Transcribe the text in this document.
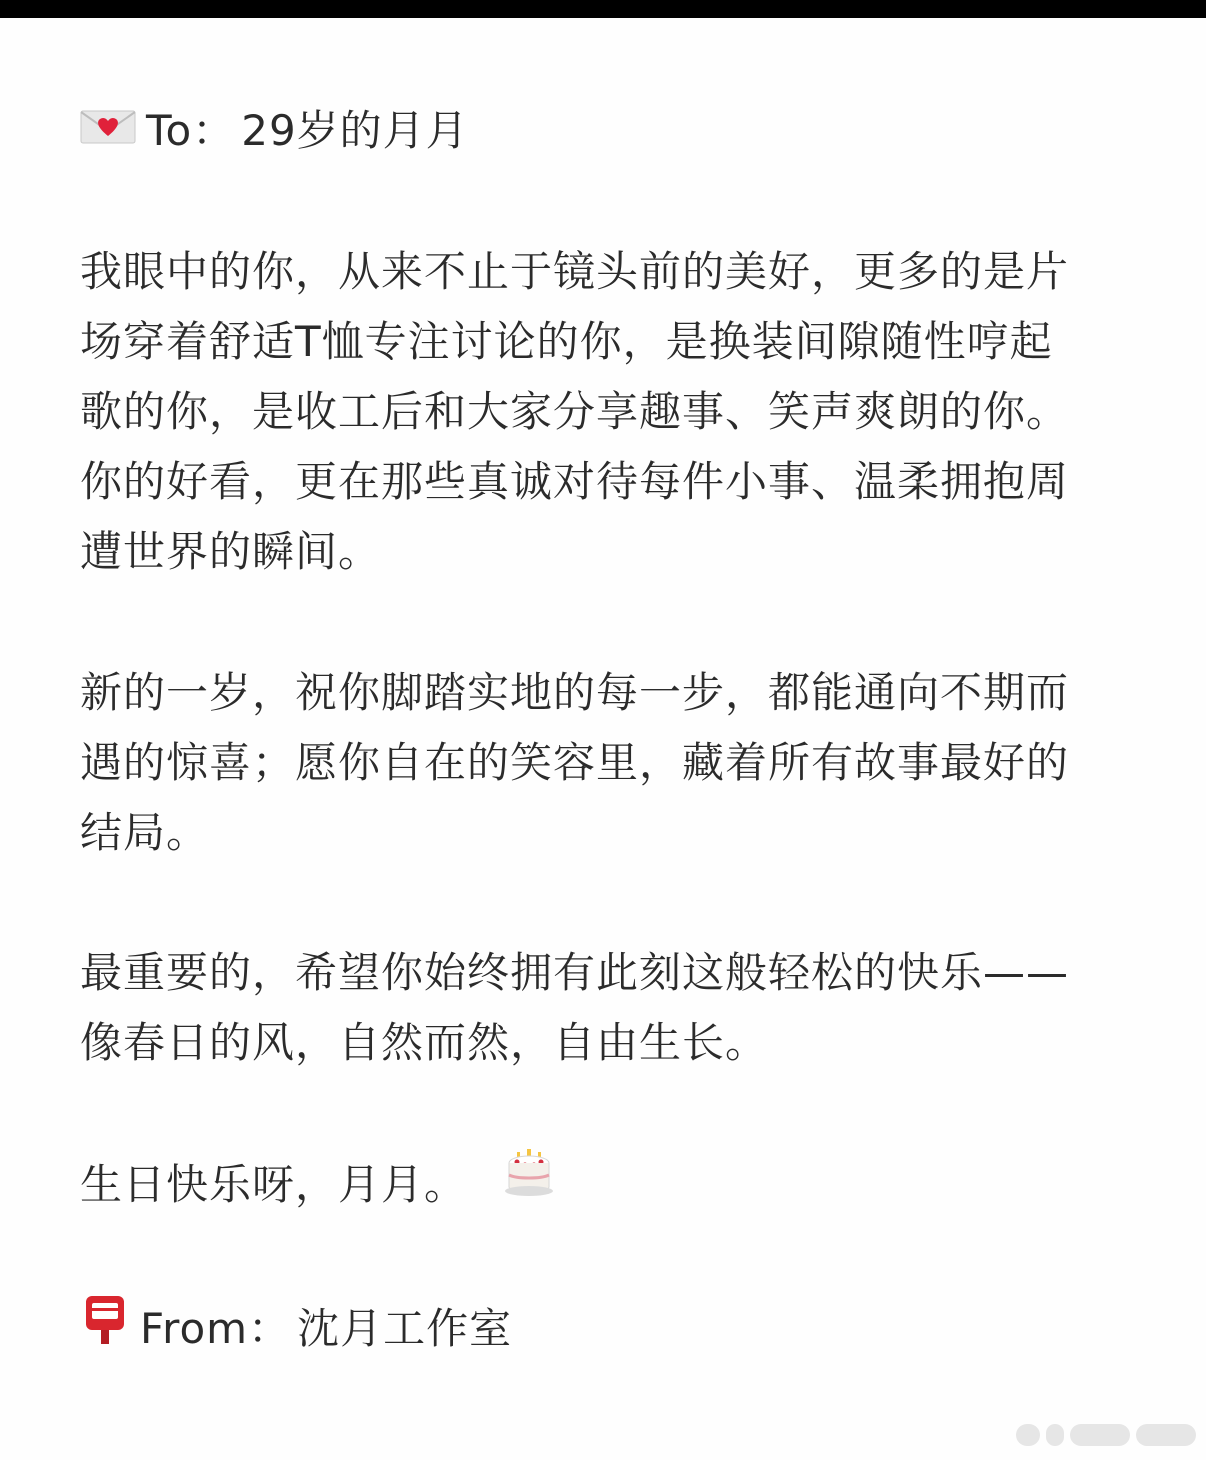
To： 29岁的月月
我眼中的你，从来不止于镜头前的美好，更多的是片
场穿着舒适T恤专注讨论的你，是换装间隙随性哼起
歌的你，是收工后和大家分享趣事、笑声爽朗的你。
你的好看，更在那些真诚对待每件小事、温柔拥抱周
遭世界的瞬间。
新的一岁，祝你脚踏实地的每一步，都能通向不期而
遇的惊喜；愿你自在的笑容里，藏着所有故事最好的
结局。
最重要的，希望你始终拥有此刻这般轻松的快乐——
像春日的风，自然而然，自由生长。
生日快乐呀，月月。
From： 沈月工作室
